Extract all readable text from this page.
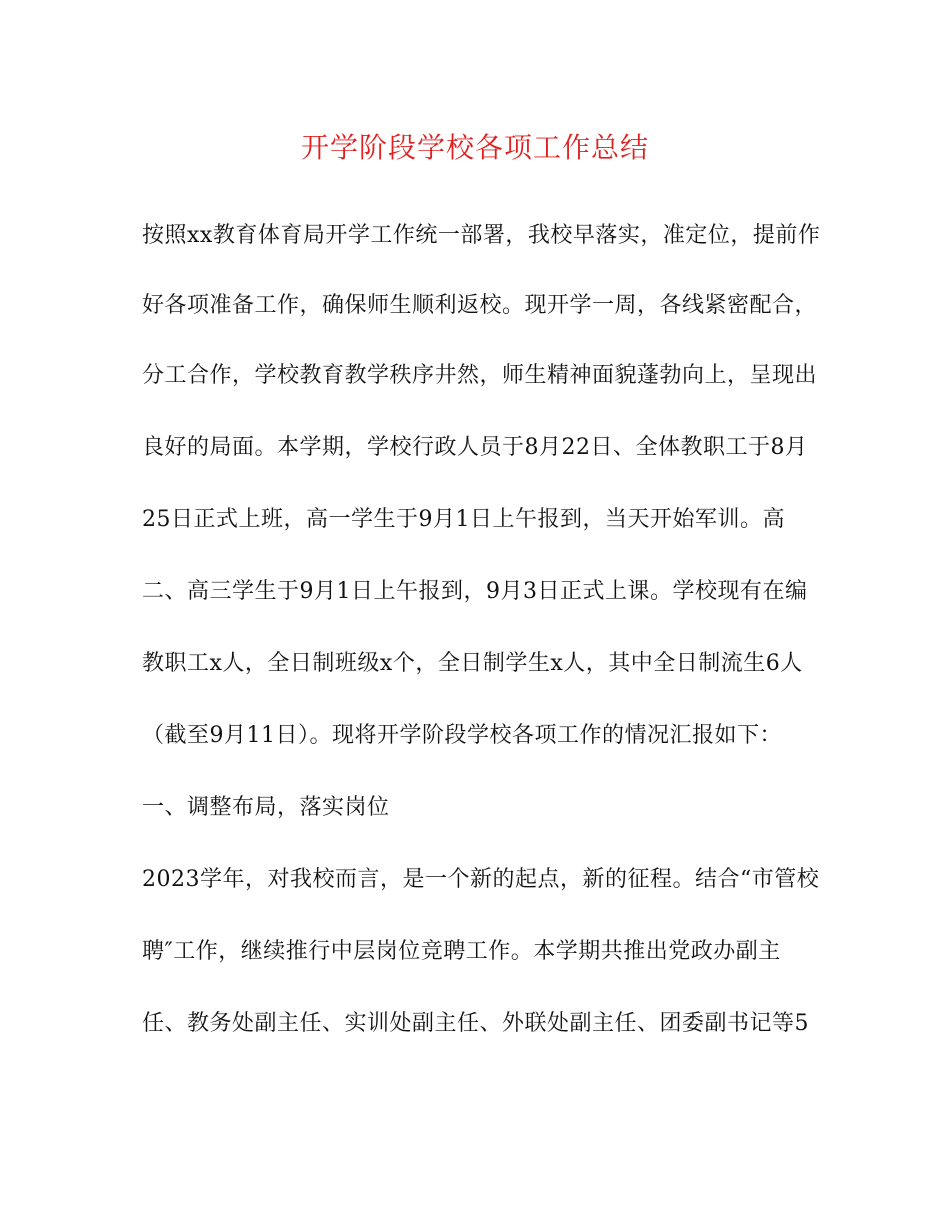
开学阶段学校各项工作总结
按照xx教育体育局开学工作统一部署，我校早落实，准定位，提前作
好各项准备工作，确保师生顺利返校。现开学一周，各线紧密配合，
分工合作，学校教育教学秩序井然，师生精神面貌蓬勃向上，呈现出
良好的局面。本学期，学校行政人员于8月22日、全体教职工于8月
25日正式上班，高一学生于9月1日上午报到，当天开始军训。高
二、高三学生于9月1日上午报到，9月3日正式上课。学校现有在编
教职工x人，全日制班级x个，全日制学生x人，其中全日制流生6人
（截至9月11日）。现将开学阶段学校各项工作的情况汇报如下：
一、调整布局，落实岗位
2023学年，对我校而言，是一个新的起点，新的征程。结合“市管校
聘″工作，继续推行中层岗位竞聘工作。本学期共推出党政办副主
任、教务处副主任、实训处副主任、外联处副主任、团委副书记等5
